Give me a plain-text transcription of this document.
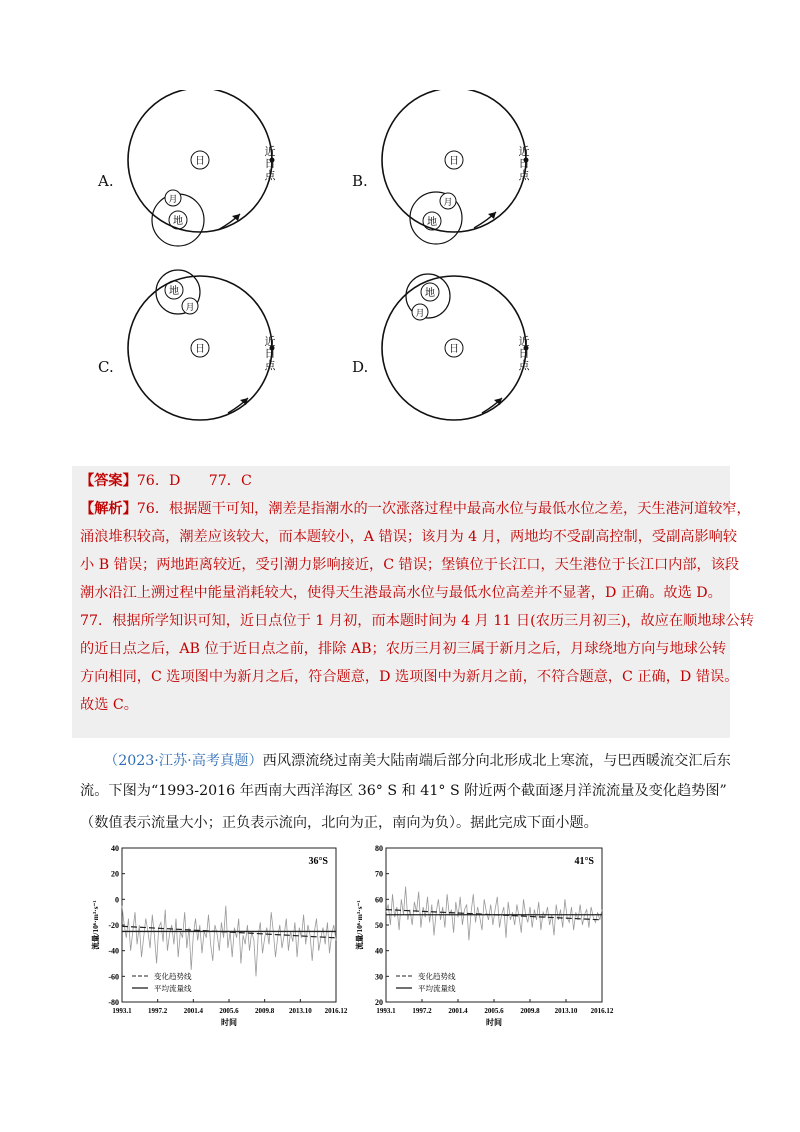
A.
日
地
月
近
日
点	B.
日
地
月
近
日
点
C.
日
地
月
近
日
点	D.
日
地
月
近
日
点
【答案】76．D　　77．C
【解析】76．根据题干可知，潮差是指潮水的一次涨落过程中最高水位与最低水位之差，天生港河道较窄，
涌浪堆积较高，潮差应该较大，而本题较小，A 错误；该月为 4 月，两地均不受副高控制，受副高影响较
小 B 错误；两地距离较近，受引潮力影响接近，C 错误；堡镇位于长江口，天生港位于长江口内部，该段
潮水沿江上溯过程中能量消耗较大，使得天生港最高水位与最低水位高差并不显著，D 正确。故选 D。
77．根据所学知识可知，近日点位于 1 月初，而本题时间为 4 月 11 日(农历三月初三)，故应在顺地球公转
的近日点之后，AB 位于近日点之前，排除 AB；农历三月初三属于新月之后，月球绕地方向与地球公转
方向相同，C 选项图中为新月之后，符合题意，D 选项图中为新月之前，不符合题意，C 正确，D 错误。
故选 C。
（2023·江苏·高考真题）西风漂流绕过南美大陆南端后部分向北形成北上寒流，与巴西暖流交汇后东
流。下图为“1993-2016 年西南大西洋海区 36° S 和 41° S 附近两个截面逐月洋流流量及变化趋势图”
（数值表示流量大小；正负表示流向，北向为正，南向为负）。据此完成下面小题。
40
20
0
-20
-40
-60
-80
1993.1 1997.2 2001.4 2005.6 2009.8 2013.10 2016.12
时间
流量/10⁶·m³·s⁻¹
36°S
变化趋势线
平均流量线
80
70
60
50
40
30
20
1993.1 1997.2 2001.4 2005.6 2009.8 2013.10 2016.12
时间
流量/10⁶·m³·s⁻¹
41°S
变化趋势线
平均流量线
